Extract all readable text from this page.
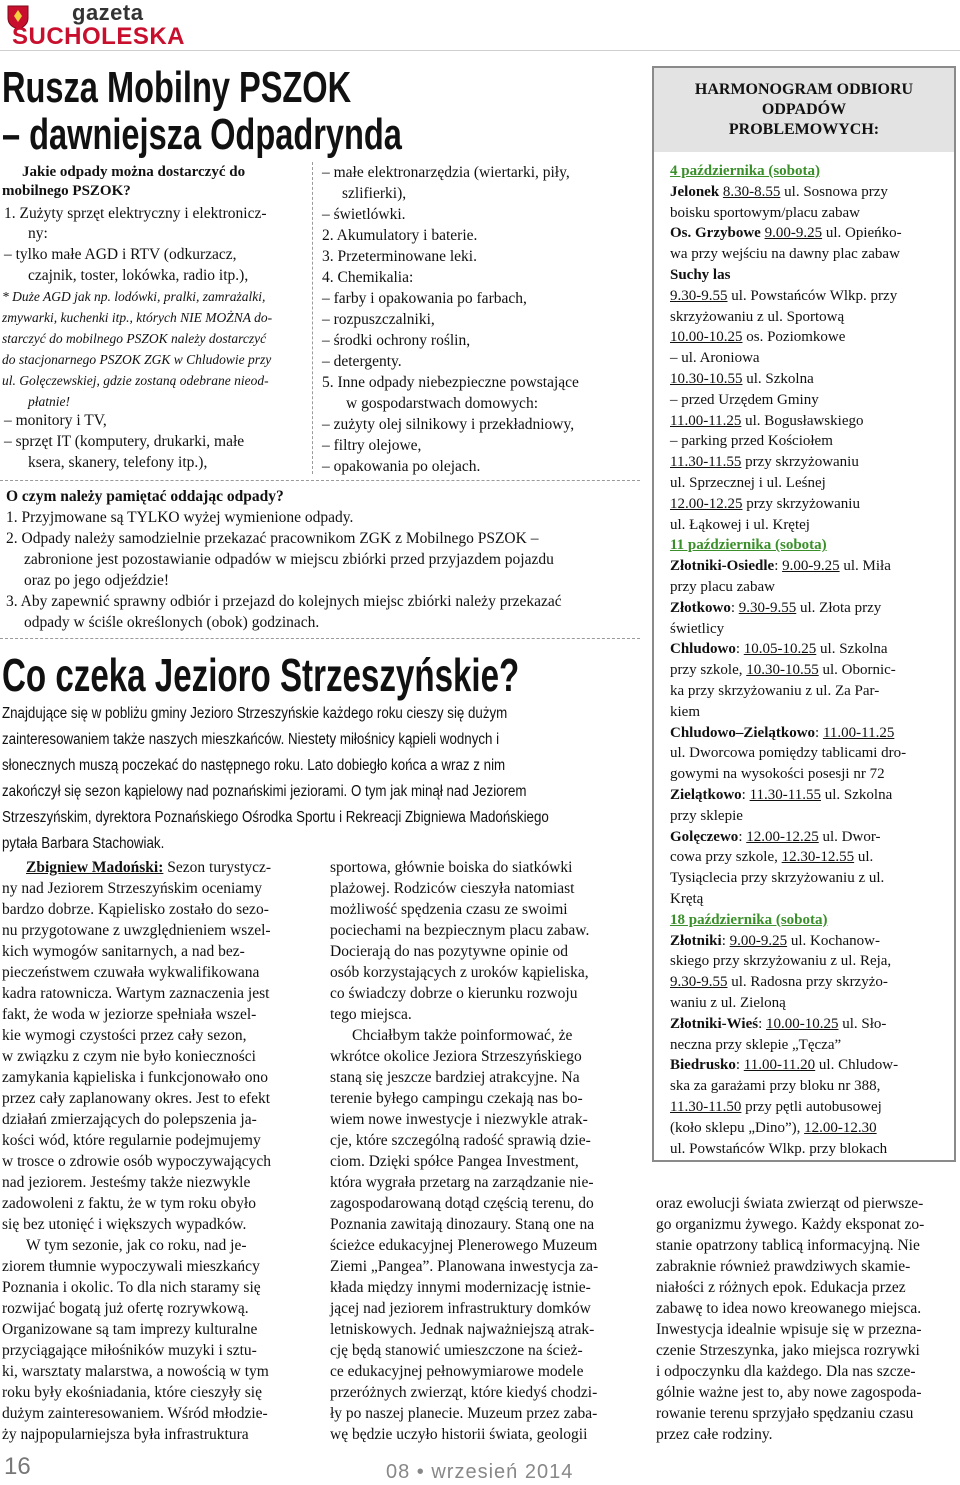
gazeta
SUCHOLESKA
Rusza Mobilny PSZOK
– dawniejsza Odpadrynda
Jakie odpady można dostarczyć do
mobilnego PSZOK?
1. Zużyty sprzęt elektryczny i elektronicz-
ny:
– tylko małe AGD i RTV (odkurzacz,
czajnik, toster, lokówka, radio itp.),
* Duże AGD jak np. lodówki, pralki, zamrażalki,
zmywarki, kuchenki itp., których NIE MOŻNA do-
starczyć do mobilnego PSZOK należy dostarczyć
do stacjonarnego PSZOK ZGK w Chludowie przy
ul. Golęczewskiej, gdzie zostaną odebrane nieod-
płatnie!
– monitory i TV,
– sprzęt IT (komputery, drukarki, małe
ksera, skanery, telefony itp.),
– małe elektronarzędzia (wiertarki, piły,
szlifierki),
– świetlówki.
2. Akumulatory i baterie.
3. Przeterminowane leki.
4. Chemikalia:
– farby i opakowania po farbach,
– rozpuszczalniki,
– środki ochrony roślin,
– detergenty.
5. Inne odpady niebezpieczne powstające
w gospodarstwach domowych:
– zużyty olej silnikowy i przekładniowy,
– filtry olejowe,
– opakowania po olejach.
O czym należy pamiętać oddając odpady?
1. Przyjmowane są TYLKO wyżej wymienione odpady.
2. Odpady należy samodzielnie przekazać pracownikom ZGK z Mobilnego PSZOK –
zabronione jest pozostawianie odpadów w miejscu zbiórki przed przyjazdem pojazdu
oraz po jego odjeździe!
3. Aby zapewnić sprawny odbiór i przejazd do kolejnych miejsc zbiórki należy przekazać
odpady w ściśle określonych (obok) godzinach.
Co czeka Jezioro Strzeszyńskie?
Znajdujące się w pobliżu gminy Jezioro Strzeszyńskie każdego roku cieszy się dużym
zainteresowaniem także naszych mieszkańców. Niestety miłośnicy kąpieli wodnych i
słonecznych muszą poczekać do następnego roku. Lato dobiegło końca a wraz z nim
zakończył się sezon kąpielowy nad poznańskimi jeziorami. O tym jak minął nad Jeziorem
Strzeszyńskim, dyrektora Poznańskiego Ośrodka Sportu i Rekreacji Zbigniewa Madońskiego
pytała Barbara Stachowiak.
Zbigniew Madoński: Sezon turystycz-
ny nad Jeziorem Strzeszyńskim oceniamy
bardzo dobrze. Kąpielisko zostało do sezo-
nu przygotowane z uwzględnieniem wszel-
kich wymogów sanitarnych, a nad bez-
pieczeństwem czuwała wykwalifikowana
kadra ratownicza. Wartym zaznaczenia jest
fakt, że woda w jeziorze spełniała wszel-
kie wymogi czystości przez cały sezon,
w związku z czym nie było konieczności
zamykania kąpieliska i funkcjonowało ono
przez cały zaplanowany okres. Jest to efekt
działań zmierzających do polepszenia ja-
kości wód, które regularnie podejmujemy
w trosce o zdrowie osób wypoczywających
nad jeziorem. Jesteśmy także niezwykle
zadowoleni z faktu, że w tym roku obyło
się bez utonięć i większych wypadków.
W tym sezonie, jak co roku, nad je-
ziorem tłumnie wypoczywali mieszkańcy
Poznania i okolic. To dla nich staramy się
rozwijać bogatą już ofertę rozrywkową.
Organizowane są tam imprezy kulturalne
przyciągające miłośników muzyki i sztu-
ki, warsztaty malarstwa, a nowością w tym
roku były ekośniadania, które cieszyły się
dużym zainteresowaniem. Wśród młodzie-
ży najpopularniejsza była infrastruktura
sportowa, głównie boiska do siatkówki
plażowej. Rodziców cieszyła natomiast
możliwość spędzenia czasu ze swoimi
pociechami na bezpiecznym placu zabaw.
Docierają do nas pozytywne opinie od
osób korzystających z uroków kąpieliska,
co świadczy dobrze o kierunku rozwoju
tego miejsca.
Chciałbym także poinformować, że
wkrótce okolice Jeziora Strzeszyńskiego
staną się jeszcze bardziej atrakcyjne. Na
terenie byłego campingu czekają nas bo-
wiem nowe inwestycje i niezwykle atrak-
cje, które szczególną radość sprawią dzie-
ciom. Dzięki spółce Pangea Investment,
która wygrała przetarg na zarządzanie nie-
zagospodarowaną dotąd częścią terenu, do
Poznania zawitają dinozaury. Staną one na
ścieżce edukacyjnej Plenerowego Muzeum
Ziemi „Pangea”. Planowana inwestycja za-
kłada między innymi modernizację istnie-
jącej nad jeziorem infrastruktury domków
letniskowych. Jednak najważniejszą atrak-
cję będą stanowić umieszczone na ścież-
ce edukacyjnej pełnowymiarowe modele
przeróżnych zwierząt, które kiedyś chodzi-
ły po naszej planecie. Muzeum przez zaba-
wę będzie uczyło historii świata, geologii
oraz ewolucji świata zwierząt od pierwsze-
go organizmu żywego. Każdy eksponat zo-
stanie opatrzony tablicą informacyjną. Nie
zabraknie również prawdziwych skamie-
niałości z różnych epok. Edukacja przez
zabawę to idea nowo kreowanego miejsca.
Inwestycja idealnie wpisuje się w przezna-
czenie Strzeszynka, jako miejsca rozrywki
i odpoczynku dla każdego. Dla nas szcze-
gólnie ważne jest to, aby nowe zagospoda-
rowanie terenu sprzyjało spędzaniu czasu
przez całe rodziny.
HARMONOGRAM ODBIORU
ODPADÓW
PROBLEMOWYCH:
4 października (sobota)
Jelonek 8.30-8.55 ul. Sosnowa przy
boisku sportowym/placu zabaw
Os. Grzybowe 9.00-9.25 ul. Opieńko-
wa przy wejściu na dawny plac zabaw
Suchy las
9.30-9.55 ul. Powstańców Wlkp. przy
skrzyżowaniu z ul. Sportową
10.00-10.25 os. Poziomkowe
– ul. Aroniowa
10.30-10.55 ul. Szkolna
– przed Urzędem Gminy
11.00-11.25 ul. Bogusławskiego
– parking przed Kościołem
11.30-11.55 przy skrzyżowaniu
ul. Sprzecznej i ul. Leśnej
12.00-12.25 przy skrzyżowaniu
ul. Łąkowej i ul. Krętej
11 października (sobota)
Złotniki-Osiedle: 9.00-9.25 ul. Miła
przy placu zabaw
Złotkowo: 9.30-9.55 ul. Złota przy
świetlicy
Chludowo: 10.05-10.25 ul. Szkolna
przy szkole, 10.30-10.55 ul. Obornic-
ka przy skrzyżowaniu z ul. Za Par-
kiem
Chludowo–Zielątkowo: 11.00-11.25
ul. Dworcowa pomiędzy tablicami dro-
gowymi na wysokości posesji nr 72
Zielątkowo: 11.30-11.55 ul. Szkolna
przy sklepie
Golęczewo: 12.00-12.25 ul. Dwor-
cowa przy szkole, 12.30-12.55 ul.
Tysiąclecia przy skrzyżowaniu z ul.
Krętą
18 października (sobota)
Złotniki: 9.00-9.25 ul. Kochanow-
skiego przy skrzyżowaniu z ul. Reja,
9.30-9.55 ul. Radosna przy skrzyżo-
waniu z ul. Zieloną
Złotniki-Wieś: 10.00-10.25 ul. Sło-
neczna przy sklepie „Tęcza”
Biedrusko: 11.00-11.20 ul. Chludow-
ska za garażami przy bloku nr 388,
11.30-11.50 przy pętli autobusowej
(koło sklepu „Dino”), 12.00-12.30
ul. Powstańców Wlkp. przy blokach
16	08 • wrzesień 2014
